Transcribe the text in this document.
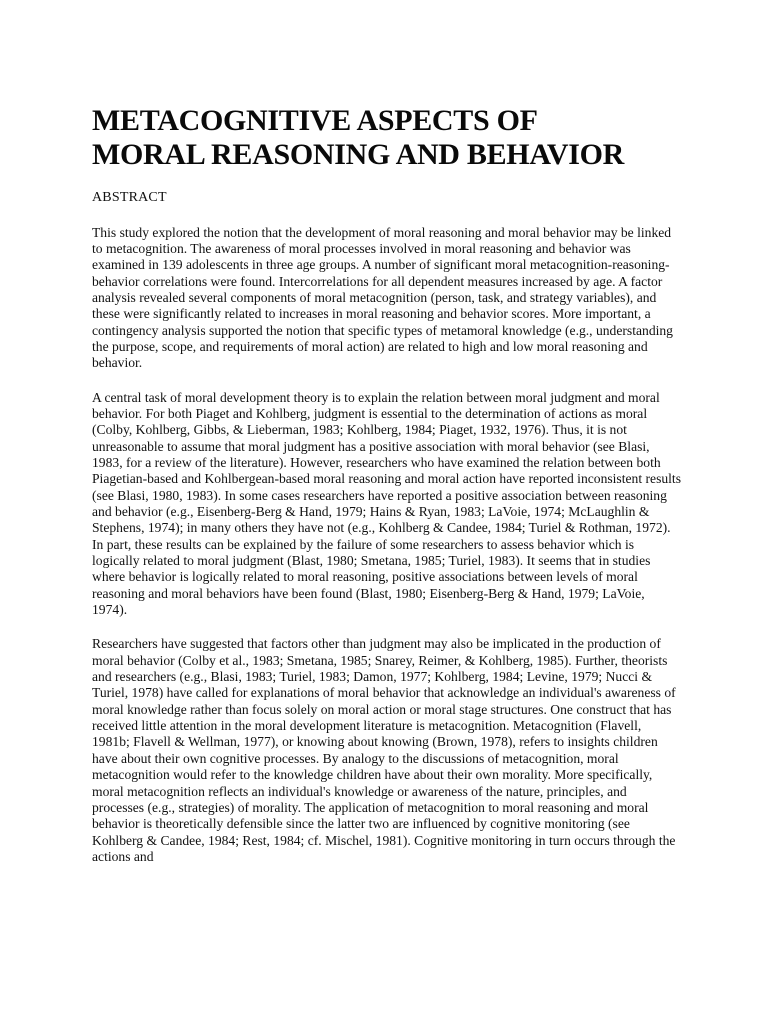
METACOGNITIVE ASPECTS OF
MORAL REASONING AND BEHAVIOR
ABSTRACT

This study explored the notion that the development of moral reasoning and moral behavior may be linked to metacognition. The awareness of moral processes involved in moral reasoning and behavior was examined in 139 adolescents in three age groups. A number of significant moral metacognition-reasoning-behavior correlations were found. Intercorrelations for all dependent measures increased by age. A factor analysis revealed several components of moral metacognition (person, task, and strategy variables), and these were significantly related to increases in moral reasoning and behavior scores. More important, a contingency analysis supported the notion that specific types of metamoral knowledge (e.g., understanding the purpose, scope, and requirements of moral action) are related to high and low moral reasoning and behavior.

A central task of moral development theory is to explain the relation between moral judgment and moral behavior. For both Piaget and Kohlberg, judgment is essential to the determination of actions as moral (Colby, Kohlberg, Gibbs, & Lieberman, 1983; Kohlberg, 1984; Piaget, 1932, 1976). Thus, it is not unreasonable to assume that moral judgment has a positive association with moral behavior (see Blasi, 1983, for a review of the literature). However, researchers who have examined the relation between both Piagetian-based and Kohlbergean-based moral reasoning and moral action have reported inconsistent results (see Blasi, 1980, 1983). In some cases researchers have reported a positive association between reasoning and behavior (e.g., Eisenberg-Berg & Hand, 1979; Hains & Ryan, 1983; LaVoie, 1974; McLaughlin & Stephens, 1974); in many others they have not (e.g., Kohlberg & Candee, 1984; Turiel & Rothman, 1972). In part, these results can be explained by the failure of some researchers to assess behavior which is logically related to moral judgment (Blast, 1980; Smetana, 1985; Turiel, 1983). It seems that in studies where behavior is logically related to moral reasoning, positive associations between levels of moral reasoning and moral behaviors have been found (Blast, 1980; Eisenberg-Berg & Hand, 1979; LaVoie, 1974).

Researchers have suggested that factors other than judgment may also be implicated in the production of moral behavior (Colby et al., 1983; Smetana, 1985; Snarey, Reimer, & Kohlberg, 1985). Further, theorists and researchers (e.g., Blasi, 1983; Turiel, 1983; Damon, 1977; Kohlberg, 1984; Levine, 1979; Nucci & Turiel, 1978) have called for explanations of moral behavior that acknowledge an individual's awareness of moral knowledge rather than focus solely on moral action or moral stage structures. One construct that has received little attention in the moral development literature is metacognition. Metacognition (Flavell, 1981b; Flavell & Wellman, 1977), or knowing about knowing (Brown, 1978), refers to insights children have about their own cognitive processes. By analogy to the discussions of metacognition, moral metacognition would refer to the knowledge children have about their own morality. More specifically, moral metacognition reflects an individual's knowledge or awareness of the nature, principles, and processes (e.g., strategies) of morality. The application of metacognition to moral reasoning and moral behavior is theoretically defensible since the latter two are influenced by cognitive monitoring (see Kohlberg & Candee, 1984; Rest, 1984; cf. Mischel, 1981). Cognitive monitoring in turn occurs through the actions and
